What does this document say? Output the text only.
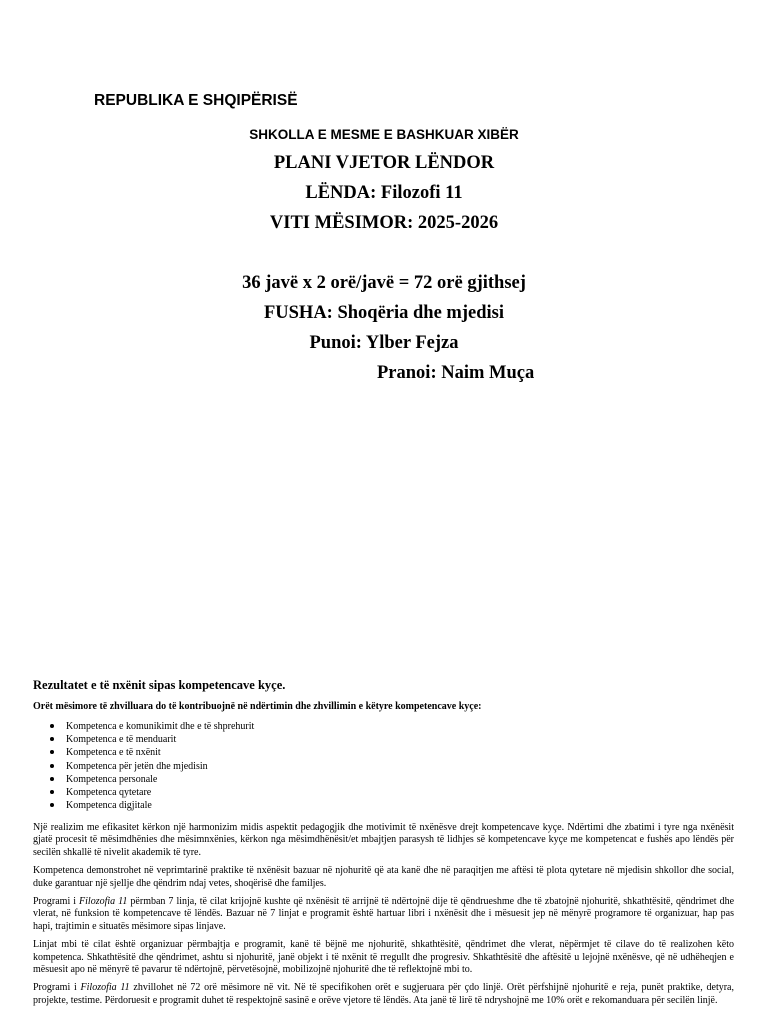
REPUBLIKA E SHQIPËRISË
SHKOLLA E MESME E BASHKUAR XIBËR
PLANI VJETOR LËNDOR
LËNDA: Filozofi 11
VITI MËSIMOR: 2025-2026
36 javë x 2 orë/javë = 72 orë gjithsej
FUSHA: Shoqëria dhe mjedisi
Punoi: Ylber Fejza
Pranoi: Naim Muça
Rezultatet e të nxënit sipas kompetencave kyçe.
Orët mësimore të zhvilluara do të kontribuojnë në ndërtimin dhe zhvillimin e këtyre kompetencave kyçe:
Kompetenca e komunikimit dhe e të shprehurit
Kompetenca e të menduarit
Kompetenca e të nxënit
Kompetenca për jetën dhe mjedisin
Kompetenca personale
Kompetenca qytetare
Kompetenca digjitale

Një realizim me efikasitet kërkon një harmonizim midis aspektit pedagogjik dhe motivimit të nxënësve drejt kompetencave kyçe. Ndërtimi dhe zbatimi i tyre nga nxënësit gjatë procesit të mësimdhënies dhe mësimnxënies, kërkon nga mësimdhënësit/et mbajtjen parasysh të lidhjes së kompetencave kyçe me kompetencat e fushës apo lëndës për secilën shkallë të nivelit akademik të tyre.

Kompetenca demonstrohet në veprimtarinë praktike të nxënësit bazuar në njohuritë që ata kanë dhe në paraqitjen me aftësi të plota qytetare në mjedisin shkollor dhe social, duke garantuar një sjellje dhe qëndrim ndaj vetes, shoqërisë dhe familjes.

Programi i Filozofia 11 përmban 7 linja, të cilat krijojnë kushte që nxënësit të arrijnë të ndërtojnë dije të qëndrueshme dhe të zbatojnë njohuritë, shkathtësitë, qëndrimet dhe vlerat, në funksion të kompetencave të lëndës. Bazuar në 7 linjat e programit është hartuar libri i nxënësit dhe i mësuesit jep në mënyrë programore të organizuar, hap pas hapi, trajtimin e situatës mësimore sipas linjave.

Linjat mbi të cilat është organizuar përmbajtja e programit, kanë të bëjnë me njohuritë, shkathtësitë, qëndrimet dhe vlerat, nëpërmjet të cilave do të realizohen këto kompetenca. Shkathtësitë dhe qëndrimet, ashtu si njohuritë, janë objekt i të nxënit të rregullt dhe progresiv. Shkathtësitë dhe aftësitë u lejojnë nxënësve, që në udhëheqjen e mësuesit apo në mënyrë të pavarur të ndërtojnë, përvetësojnë, mobilizojnë njohuritë dhe të reflektojnë mbi to.

Programi i Filozofia 11 zhvillohet në 72 orë mësimore në vit. Në të specifikohen orët e sugjeruara për çdo linjë. Orët përfshijnë njohuritë e reja, punët praktike, detyra, projekte, testime. Përdoruesit e programit duhet të respektojnë sasinë e orëve vjetore të lëndës. Ata janë të lirë të ndryshojnë me 10% orët e rekomanduara për secilën linjë.
